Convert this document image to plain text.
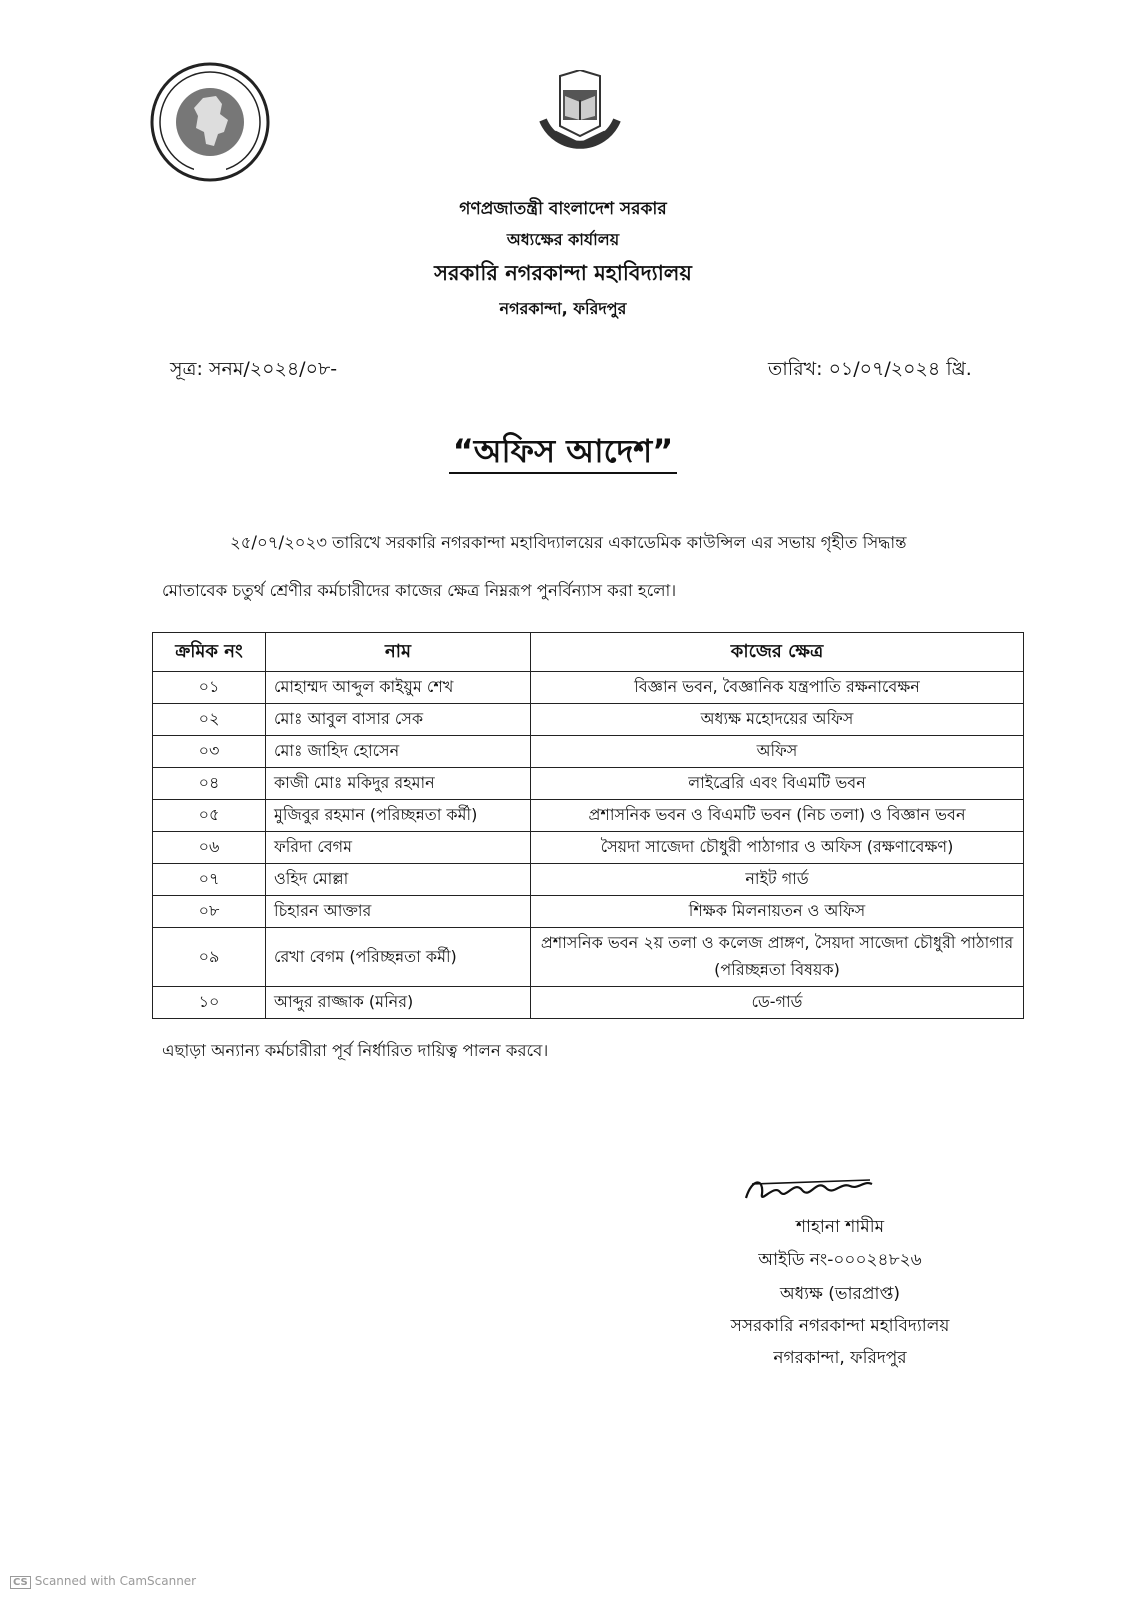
গণপ্রজাতন্ত্রী বাংলাদেশ সরকার
অধ্যক্ষের কার্যালয়
সরকারি নগরকান্দা মহাবিদ্যালয়
নগরকান্দা, ফরিদপুর
সূত্র: সনম/২০২৪/০৮-	তারিখ: ০১/০৭/২০২৪ খ্রি.
“অফিস আদেশ”
২৫/০৭/২০২৩ তারিখে সরকারি নগরকান্দা মহাবিদ্যালয়ের একাডেমিক কাউন্সিল এর সভায় গৃহীত সিদ্ধান্ত
মোতাবেক চতুর্থ শ্রেণীর কর্মচারীদের কাজের ক্ষেত্র নিম্নরূপ পুনর্বিন্যাস করা হলো।
ক্রমিক নং	নাম	কাজের ক্ষেত্র
০১	মোহাম্মদ আব্দুল কাইয়ুম শেখ	বিজ্ঞান ভবন, বৈজ্ঞানিক যন্ত্রপাতি রক্ষনাবেক্ষন
০২	মোঃ আবুল বাসার সেক	অধ্যক্ষ মহোদয়ের অফিস
০৩	মোঃ জাহিদ হোসেন	অফিস
০৪	কাজী মোঃ মকিদুর রহমান	লাইব্রেরি এবং বিএমটি ভবন
০৫	মুজিবুর রহমান (পরিচ্ছন্নতা কর্মী)	প্রশাসনিক ভবন ও বিএমটি ভবন (নিচ তলা) ও বিজ্ঞান ভবন
০৬	ফরিদা বেগম	সৈয়দা সাজেদা চৌধুরী পাঠাগার ও অফিস (রক্ষণাবেক্ষণ)
০৭	ওহিদ মোল্লা	নাইট গার্ড
০৮	চিহারন আক্তার	শিক্ষক মিলনায়তন ও অফিস
০৯	রেখা বেগম (পরিচ্ছন্নতা কর্মী)	প্রশাসনিক ভবন ২য় তলা ও কলেজ প্রাঙ্গণ, সৈয়দা সাজেদা চৌধুরী পাঠাগার (পরিচ্ছন্নতা বিষয়ক)
১০	আব্দুর রাজ্জাক (মনির)	ডে-গার্ড
এছাড়া অন্যান্য কর্মচারীরা পূর্ব নির্ধারিত দায়িত্ব পালন করবে।
শাহানা শামীম
আইডি নং-০০০২৪৮২৬
অধ্যক্ষ (ভারপ্রাপ্ত)
সসরকারি নগরকান্দা মহাবিদ্যালয়
নগরকান্দা, ফরিদপুর
CS Scanned with CamScanner
